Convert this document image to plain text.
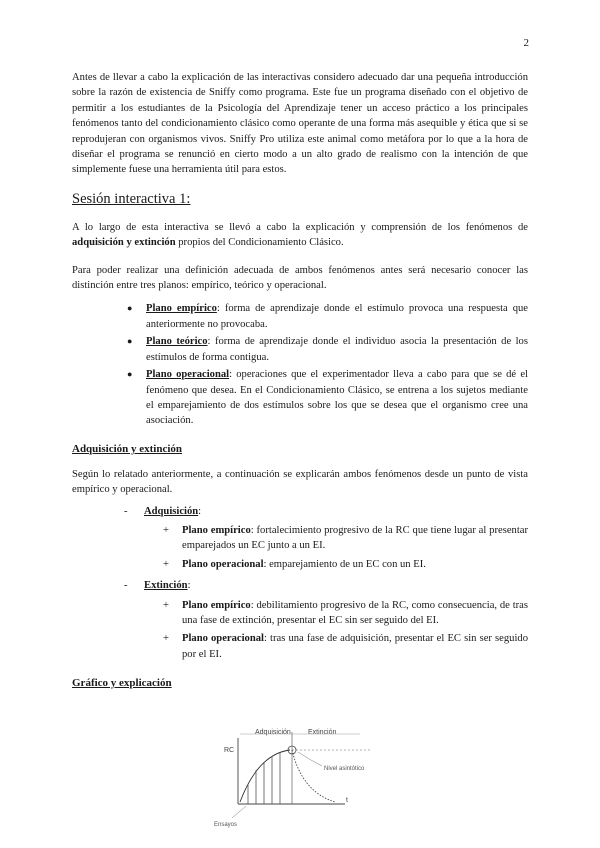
2

Antes de llevar a cabo la explicación de las interactivas considero adecuado dar una pequeña introducción sobre la razón de existencia de Sniffy como programa. Este fue un programa diseñado con el objetivo de permitir a los estudiantes de la Psicología del Aprendizaje tener un acceso práctico a los principales fenómenos tanto del condicionamiento clásico como operante de una forma más asequible y ética que si se reprodujeran con organismos vivos. Sniffy Pro utiliza este animal como metáfora por lo que a la hora de diseñar el programa se renunció en cierto modo a un alto grado de realismo con la intención de que simplemente fuese una herramienta útil para estos.

Sesión interactiva 1:

A lo largo de esta interactiva se llevó a cabo la explicación y comprensión de los fenómenos de adquisición y extinción propios del Condicionamiento Clásico.

Para poder realizar una definición adecuada de ambos fenómenos antes será necesario conocer las distinción entre tres planos: empírico, teórico y operacional.

● Plano empírico: forma de aprendizaje donde el estímulo provoca una respuesta que anteriormente no provocaba.
● Plano teórico: forma de aprendizaje donde el individuo asocia la presentación de los estímulos de forma contigua.
● Plano operacional: operaciones que el experimentador lleva a cabo para que se dé el fenómeno que desea. En el Condicionamiento Clásico, se entrena a los sujetos mediante el emparejamiento de dos estímulos sobre los que se desea que el organismo cree una asociación.
Adquisición y extinción

Según lo relatado anteriormente, a continuación se explicarán ambos fenómenos desde un punto de vista empírico y operacional.

- Adquisición:
+ Plano empírico: fortalecimiento progresivo de la RC que tiene lugar al presentar emparejados un EC junto a un EI.
+ Plano operacional: emparejamiento de un EC con un EI.
- Extinción:
+ Plano empírico: debilitamiento progresivo de la RC, como consecuencia, de tras una fase de extinción, presentar el EC sin ser seguido del EI.
+ Plano operacional: tras una fase de adquisición, presentar el EC sin ser seguido por el EI.
Gráfico y explicación
Adquisición Extinción
RC
Nivel asintótico
t
Ensayos
